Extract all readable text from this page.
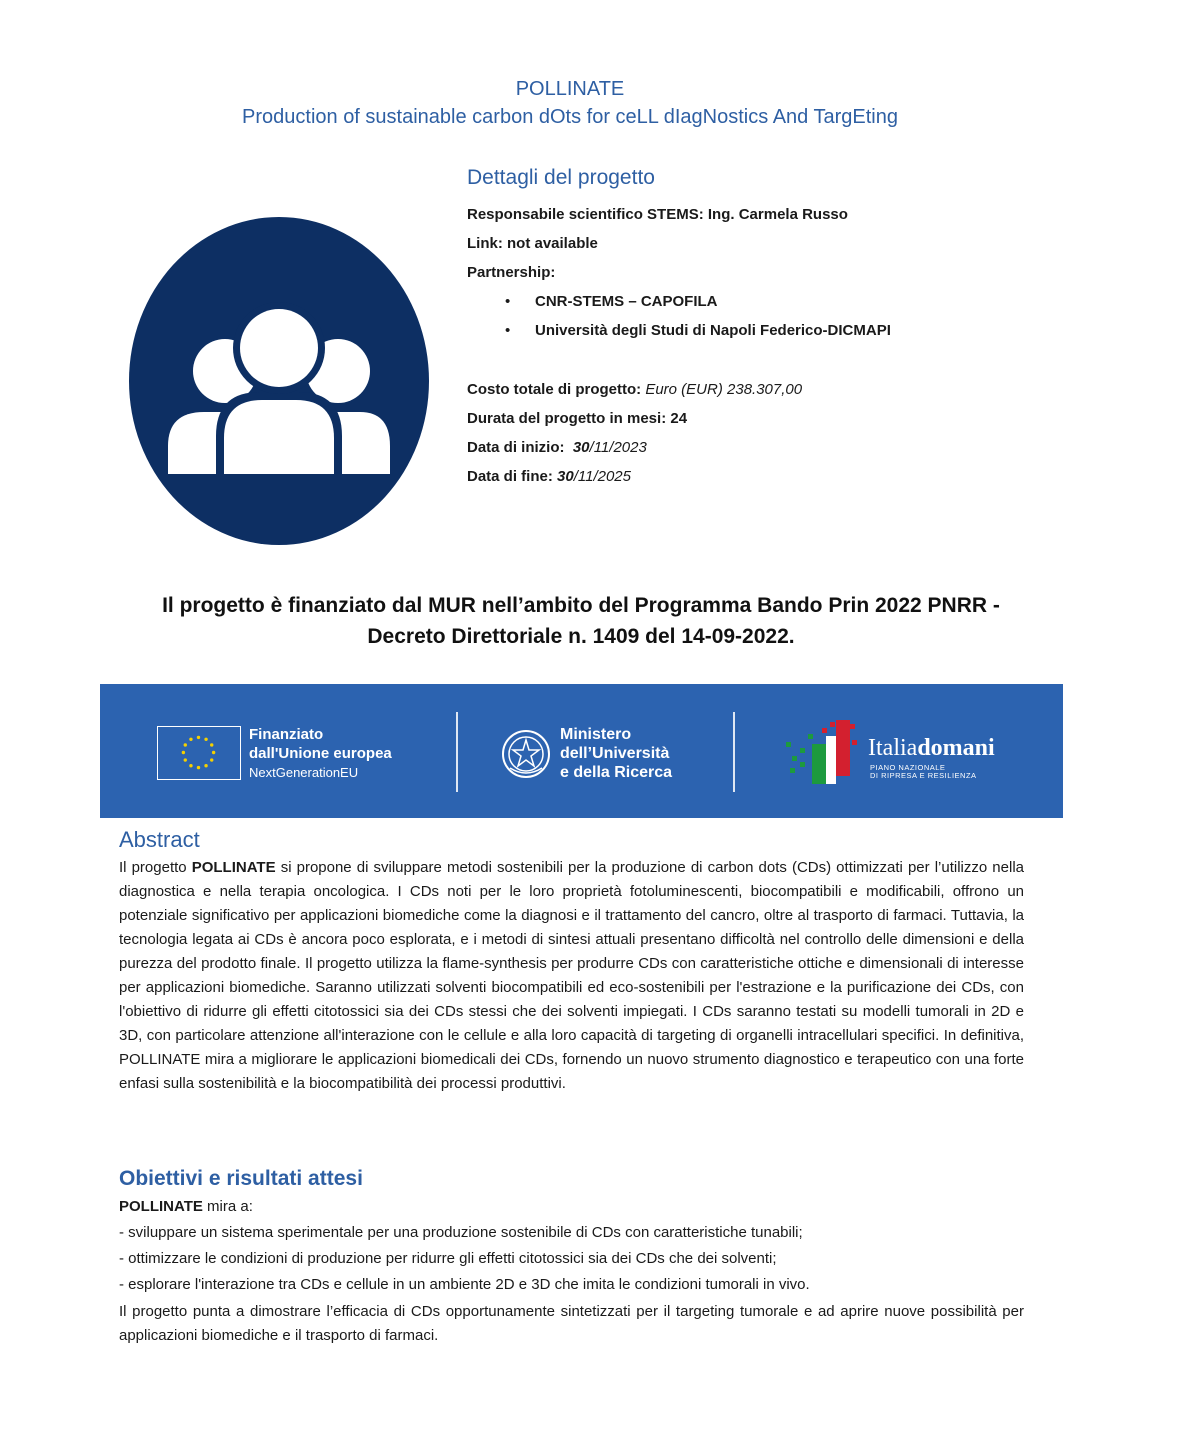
POLLINATE
Production of sustainable carbon dOts for ceLL dIagNostics And TargEting
Dettagli del progetto
Responsabile scientifico STEMS: Ing. Carmela Russo
Link: not available
Partnership:
• CNR-STEMS – CAPOFILA
• Università degli Studi di Napoli Federico-DICMAPI
Costo totale di progetto: Euro (EUR) 238.307,00
Durata del progetto in mesi: 24
Data di inizio: 30/11/2023
Data di fine: 30/11/2025
Il progetto è finanziato dal MUR nell’ambito del Programma Bando Prin 2022 PNRR -
Decreto Direttoriale n. 1409 del 14-09-2022.
Finanziato
dall'Unione europea
NextGenerationEU
Ministero
dell’Università
e della Ricerca
Italiadomani
PIANO NAZIONALE
DI RIPRESA E RESILIENZA
Abstract

Il progetto POLLINATE si propone di sviluppare metodi sostenibili per la produzione di carbon dots (CDs) ottimizzati per l’utilizzo nella diagnostica e nella terapia oncologica. I CDs noti per le loro proprietà fotoluminescenti, biocompatibili e modificabili, offrono un potenziale significativo per applicazioni biomediche come la diagnosi e il trattamento del cancro, oltre al trasporto di farmaci. Tuttavia, la tecnologia legata ai CDs è ancora poco esplorata, e i metodi di sintesi attuali presentano difficoltà nel controllo delle dimensioni e della purezza del prodotto finale. Il progetto utilizza la flame-synthesis per produrre CDs con caratteristiche ottiche e dimensionali di interesse per applicazioni biomediche. Saranno utilizzati solventi biocompatibili ed eco-sostenibili per l'estrazione e la purificazione dei CDs, con l'obiettivo di ridurre gli effetti citotossici sia dei CDs stessi che dei solventi impiegati. I CDs saranno testati su modelli tumorali in 2D e 3D, con particolare attenzione all'interazione con le cellule e alla loro capacità di targeting di organelli intracellulari specifici. In definitiva, POLLINATE mira a migliorare le applicazioni biomedicali dei CDs, fornendo un nuovo strumento diagnostico e terapeutico con una forte enfasi sulla sostenibilità e la biocompatibilità dei processi produttivi.

Obiettivi e risultati attesi

POLLINATE mira a:

- sviluppare un sistema sperimentale per una produzione sostenibile di CDs con caratteristiche tunabili;

- ottimizzare le condizioni di produzione per ridurre gli effetti citotossici sia dei CDs che dei solventi;

- esplorare l'interazione tra CDs e cellule in un ambiente 2D e 3D che imita le condizioni tumorali in vivo.

Il progetto punta a dimostrare l’efficacia di CDs opportunamente sintetizzati per il targeting tumorale e ad aprire nuove possibilità per applicazioni biomediche e il trasporto di farmaci.
